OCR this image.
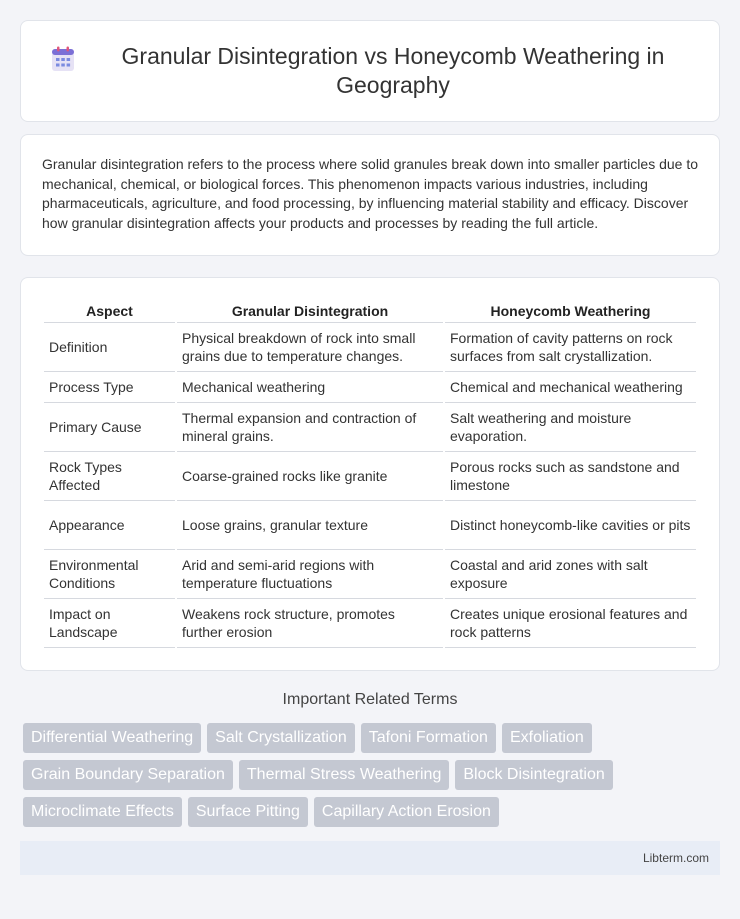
Granular Disintegration vs Honeycomb Weathering in Geography

Granular disintegration refers to the process where solid granules break down into smaller particles due to mechanical, chemical, or biological forces. This phenomenon impacts various industries, including pharmaceuticals, agriculture, and food processing, by influencing material stability and efficacy. Discover how granular disintegration affects your products and processes by reading the full article.

Aspect	Granular Disintegration	Honeycomb Weathering
Definition	Physical breakdown of rock into small grains due to temperature changes.	Formation of cavity patterns on rock surfaces from salt crystallization.
Process Type	Mechanical weathering	Chemical and mechanical weathering
Primary Cause	Thermal expansion and contraction of mineral grains.	Salt weathering and moisture evaporation.
Rock Types Affected	Coarse-grained rocks like granite	Porous rocks such as sandstone and limestone
Appearance	Loose grains, granular texture	Distinct honeycomb-like cavities or pits
Environmental Conditions	Arid and semi-arid regions with temperature fluctuations	Coastal and arid zones with salt exposure
Impact on Landscape	Weakens rock structure, promotes further erosion	Creates unique erosional features and rock patterns
Important Related Terms
Differential Weathering	Salt Crystallization	Tafoni Formation	Exfoliation
Grain Boundary Separation	Thermal Stress Weathering	Block Disintegration
Microclimate Effects	Surface Pitting	Capillary Action Erosion
Libterm.com
